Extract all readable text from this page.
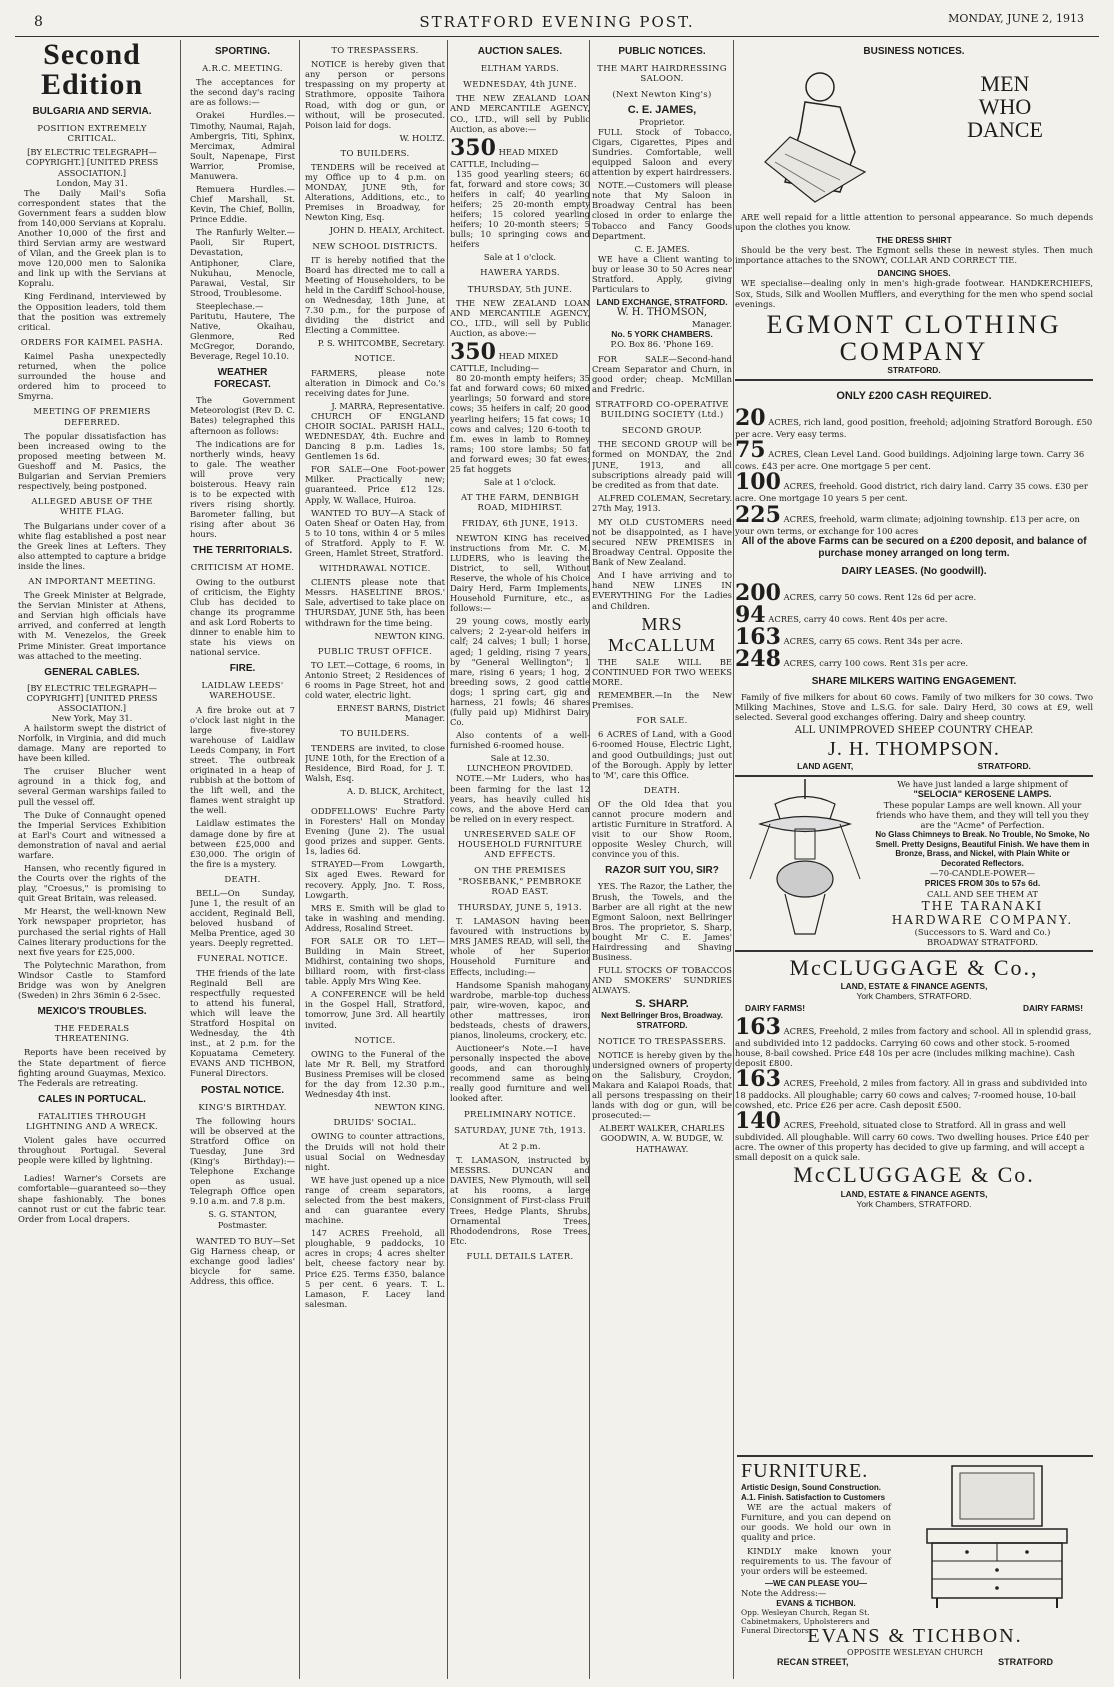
8	STRATFORD EVENING POST.	MONDAY, JUNE 2, 1913
Second Edition
BULGARIA AND SERVIA.
POSITION EXTREMELY CRITICAL.
[BY ELECTRIC TELEGRAPH—COPYRIGHT.] [UNITED PRESS ASSOCIATION.]
London, May 31.

The Daily Mail's Sofia correspondent states that the Government fears a sudden blow from 140,000 Servians at Kopralu. Another 10,000 of the first and third Servian army are westward of Vilan, and the Greek plan is to move 120,000 men to Salonika and link up with the Servians at Kopralu.

King Ferdinand, interviewed by the Opposition leaders, told them that the position was extremely critical.

ORDERS FOR KAIMEL PASHA.

Kaimel Pasha unexpectedly returned, when the police surrounded the house and ordered him to proceed to Smyrna.

MEETING OF PREMIERS DEFERRED.

The popular dissatisfaction has been increased owing to the proposed meeting between M. Gueshoff and M. Pasics, the Bulgarian and Servian Premiers respectively, being postponed.

ALLEGED ABUSE OF THE WHITE FLAG.

The Bulgarians under cover of a white flag established a post near the Greek lines at Lefters. They also attempted to capture a bridge inside the lines.

AN IMPORTANT MEETING.

The Greek Minister at Belgrade, the Servian Minister at Athens, and Servian high officials have arrived, and conferred at length with M. Venezelos, the Greek Prime Minister. Great importance was attached to the meeting.

GENERAL CABLES.
[BY ELECTRIC TELEGRAPH—COPYRIGHT] [UNITED PRESS ASSOCIATION.]
New York, May 31.

A hailstorm swept the district of Norfolk, in Virginia, and did much damage. Many are reported to have been killed.

The cruiser Blucher went aground in a thick fog, and several German warships failed to pull the vessel off.

The Duke of Connaught opened the Imperial Services Exhibition at Earl's Court and witnessed a demonstration of naval and aerial warfare.

Hansen, who recently figured in the Courts over the rights of the play, "Croesus," is promising to quit Great Britain, was released.

Mr Hearst, the well-known New York newspaper proprietor, has purchased the serial rights of Hall Caines literary productions for the next five years for £25,000.

The Polytechnic Marathon, from Windsor Castle to Stamford Bridge was won by Anelgren (Sweden) in 2hrs 36min 6 2-5sec.

MEXICO'S TROUBLES.
THE FEDERALS THREATENING.

Reports have been received by the State department of fierce fighting around Guaymas, Mexico. The Federals are retreating.

CALES IN PORTUCAL.
FATALITIES THROUGH LIGHTNING AND A WRECK.

Violent gales have occurred throughout Portugal. Several people were killed by lightning.

Ladies! Warner's Corsets are comfortable—guaranteed so—they shape fashionably. The bones cannot rust or cut the fabric tear. Order from Local drapers.

SPORTING.
A.R.C. MEETING.

The acceptances for the second day's racing are as follows:—

Orakei Hurdles.—Timothy, Naumai, Rajah, Ambergris, Titi, Sphinx, Mercimax, Admiral Soult, Napenape, First Warrior, Promise, Manuwera.

Remuera Hurdles.—Chief Marshall, St. Kevin, The Chief, Bollin, Prince Eddie.

The Ranfurly Welter.—Paoli, Sir Rupert, Devastation, Antiphoner, Clare, Nukuhau, Menocle, Parawai, Vestal, Sir Strood, Troublesome.

Steeplechase.—Paritutu, Hautere, The Native, Okaihau, Glenmore, Red McGregor, Dorando, Beverage, Regel 10.10.

WEATHER FORECAST.

The Government Meteorologist (Rev D. C. Bates) telegraphed this afternoon as follows:

The indications are for northerly winds, heavy to gale. The weather will prove very boisterous. Heavy rain is to be expected with rivers rising shortly. Barometer falling, but rising after about 36 hours.

THE TERRITORIALS.
CRITICISM AT HOME.

Owing to the outburst of criticism, the Eighty Club has decided to change its programme and ask Lord Roberts to dinner to enable him to state his views on national service.

FIRE.
LAIDLAW LEEDS' WAREHOUSE.

A fire broke out at 7 o'clock last night in the large five-storey warehouse of Laidlaw Leeds Company, in Fort street. The outbreak originated in a heap of rubbish at the bottom of the lift well, and the flames went straight up the well.

Laidlaw estimates the damage done by fire at between £25,000 and £30,000. The origin of the fire is a mystery.

DEATH.

BELL—On Sunday, June 1, the result of an accident, Reginald Bell, beloved husband of Melba Prentice, aged 30 years. Deeply regretted.

FUNERAL NOTICE.

THE friends of the late Reginald Bell are respectfully requested to attend his funeral, which will leave the Stratford Hospital on Wednesday, the 4th inst., at 2 p.m. for the Kopuatama Cemetery. EVANS AND TICHBON, Funeral Directors.

POSTAL NOTICE.
KING'S BIRTHDAY.

The following hours will be observed at the Stratford Office on Tuesday, June 3rd (King's Birthday):—Telephone Exchange open as usual. Telegraph Office open 9.10 a.m. and 7.8 p.m.

S. G. STANTON, Postmaster.

WANTED TO BUY—Set Gig Harness cheap, or exchange good ladies' bicycle for same. Address, this office.

TO TRESPASSERS.

NOTICE is hereby given that any person or persons trespassing on my property at Strathmore, opposite Taihora Road, with dog or gun, or without, will be prosecuted. Poison laid for dogs.

W. HOLTZ.
TO BUILDERS.

TENDERS will be received at my Office up to 4 p.m. on MONDAY, JUNE 9th, for Alterations, Additions, etc., to Premises in Broadway, for Newton King, Esq.

JOHN D. HEALY, Architect.
NEW SCHOOL DISTRICTS.

IT is hereby notified that the Board has directed me to call a Meeting of Householders, to be held in the Cardiff School-house, on Wednesday, 18th June, at 7.30 p.m., for the purpose of dividing the district and Electing a Committee.

P. S. WHITCOMBE, Secretary.
NOTICE.

FARMERS, please note alteration in Dimock and Co.'s receiving dates for June.

J. MARRA, Representative.

CHURCH OF ENGLAND CHOIR SOCIAL. PARISH HALL, WEDNESDAY, 4th. Euchre and Dancing 8 p.m. Ladies 1s, Gentlemen 1s 6d.

FOR SALE—One Foot-power Milker. Practically new; guaranteed. Price £12 12s. Apply, W. Wallace, Huiroa.

WANTED TO BUY—A Stack of Oaten Sheaf or Oaten Hay, from 5 to 10 tons, within 4 or 5 miles of Stratford. Apply to F. W. Green, Hamlet Street, Stratford.

WITHDRAWAL NOTICE.

CLIENTS please note that Messrs. HASELTINE BROS.' Sale, advertised to take place on THURSDAY, JUNE 5th, has been withdrawn for the time being.

NEWTON KING.
PUBLIC TRUST OFFICE.

TO LET.—Cottage, 6 rooms, in Antonio Street; 2 Residences of 6 rooms in Page Street, hot and cold water, electric light.

ERNEST BARNS, District Manager.
TO BUILDERS.

TENDERS are invited, to close JUNE 10th, for the Erection of a Residence, Bird Road, for J. T. Walsh, Esq.

A. D. BLICK, Architect, Stratford.

ODDFELLOWS' Euchre Party in Foresters' Hall on Monday Evening (June 2). The usual good prizes and supper. Gents. 1s, ladies 6d.

STRAYED—From Lowgarth, Six aged Ewes. Reward for recovery. Apply, Jno. T. Ross, Lowgarth.

MRS E. Smith will be glad to take in washing and mending. Address, Rosalind Street.

FOR SALE OR TO LET—Building in Main Street, Midhirst, containing two shops, billiard room, with first-class table. Apply Mrs Wing Kee.

A CONFERENCE will be held in the Gospel Hall, Stratford, tomorrow, June 3rd. All heartily invited.

NOTICE.

OWING to the Funeral of the late Mr R. Bell, my Stratford Business Premises will be closed for the day from 12.30 p.m., Wednesday 4th inst.

NEWTON KING.
DRUIDS' SOCIAL.

OWING to counter attractions, the Druids will not hold their usual Social on Wednesday night.

WE have just opened up a nice range of cream separators, selected from the best makers, and can guarantee every machine.

147 ACRES Freehold, all ploughable, 9 paddocks, 10 acres in crops; 4 acres shelter belt, cheese factory near by. Price £25. Terms £350, balance 5 per cent. 6 years. T. L. Lamason, F. Lacey land salesman.

AUCTION SALES.
ELTHAM YARDS.
WEDNESDAY, 4th JUNE.

THE NEW ZEALAND LOAN AND MERCANTILE AGENCY, CO., LTD., will sell by Public Auction, as above:—

350 HEAD MIXED CATTLE, Including—

135 good yearling steers; 60 fat, forward and store cows; 30 heifers in calf; 40 yearling heifers; 25 20-month empty heifers; 15 colored yearling heifers; 10 20-month steers; 5 bulls; 10 springing cows and heifers

Sale at 1 o'clock.
HAWERA YARDS.
THURSDAY, 5th JUNE.

THE NEW ZEALAND LOAN AND MERCANTILE AGENCY, CO., LTD., will sell by Public Auction, as above:—

350 HEAD MIXED CATTLE, Including—

80 20-month empty heifers; 35 fat and forward cows; 60 mixed yearlings; 50 forward and store cows; 35 heifers in calf; 20 good yearling heifers; 15 fat cows; 10 cows and calves; 120 6-tooth to f.m. ewes in lamb to Romney rams; 100 store lambs; 50 fat and forward ewes; 30 fat ewes; 25 fat hoggets

Sale at 1 o'clock.
AT THE FARM, DENBIGH ROAD, MIDHIRST.
FRIDAY, 6th JUNE, 1913.

NEWTON KING has received instructions from Mr. C. M. LUDERS, who is leaving the District, to sell, Without Reserve, the whole of his Choice Dairy Herd, Farm Implements, Household Furniture, etc., as follows:—

29 young cows, mostly early calvers; 2 2-year-old heifers in calf; 24 calves; 1 bull; 1 horse, aged; 1 gelding, rising 7 years, by "General Wellington"; 1 mare, rising 6 years; 1 hog, 2 breeding sows, 2 good cattle dogs; 1 spring cart, gig and harness, 21 fowls; 46 shares (fully paid up) Midhirst Dairy Co.

Also contents of a well-furnished 6-roomed house.

Sale at 12.30.
LUNCHEON PROVIDED.

NOTE.—Mr Luders, who has been farming for the last 12 years, has heavily culled his cows, and the above Herd can be relied on in every respect.

UNRESERVED SALE OF HOUSEHOLD FURNITURE AND EFFECTS.
ON THE PREMISES "ROSEBANK," PEMBROKE ROAD EAST.
THURSDAY, JUNE 5, 1913.

T. LAMASON having been favoured with instructions by MRS JAMES READ, will sell, the whole of her Superior Household Furniture and Effects, including:—

Handsome Spanish mahogany wardrobe, marble-top duchess pair, wire-woven, kapoc, and other mattresses, iron bedsteads, chests of drawers, pianos, linoleums, crockery, etc.

Auctioneer's Note.—I have personally inspected the above goods, and can thoroughly recommend same as being really good furniture and well looked after.

PRELIMINARY NOTICE.
SATURDAY, JUNE 7th, 1913.
At 2 p.m.

T. LAMASON, instructed by MESSRS. DUNCAN and DAVIES, New Plymouth, will sell at his rooms, a large Consignment of First-class Fruit Trees, Hedge Plants, Shrubs, Ornamental Trees, Rhododendrons, Rose Trees, Etc.

FULL DETAILS LATER.
PUBLIC NOTICES.
THE MART HAIRDRESSING SALOON.
(Next Newton King's)
C. E. JAMES,
Proprietor.

FULL Stock of Tobacco, Cigars, Cigarettes, Pipes and Sundries. Comfortable, well equipped Saloon and every attention by expert hairdressers.

NOTE.—Customers will please note that My Saloon in Broadway Central has been closed in order to enlarge the Tobacco and Fancy Goods Department.

C. E. JAMES.

WE have a Client wanting to buy or lease 30 to 50 Acres near Stratford. Apply, giving Particulars to

LAND EXCHANGE, STRATFORD.
W. H. THOMSON,
Manager.
No. 5 YORK CHAMBERS.
P.O. Box 86. 'Phone 169.

FOR SALE—Second-hand Cream Separator and Churn, in good order; cheap. McMillan and Fredric.

STRATFORD CO-OPERATIVE BUILDING SOCIETY (Ltd.)
SECOND GROUP.

THE SECOND GROUP will be formed on MONDAY, the 2nd JUNE, 1913, and all subscriptions already paid will be credited as from that date.

ALFRED COLEMAN, Secretary.
27th May, 1913.

MY OLD CUSTOMERS need not be disappointed, as I have secured NEW PREMISES in Broadway Central. Opposite the Bank of New Zealand.

And I have arriving and to hand NEW LINES IN EVERYTHING For the Ladies and Children.

MRS McCALLUM

THE SALE WILL BE CONTINUED FOR TWO WEEKS MORE.

REMEMBER.—In the New Premises.

FOR SALE.

6 ACRES of Land, with a Good 6-roomed House, Electric Light, and good Outbuildings; just out of the Borough. Apply by letter to 'M', care this Office.

DEATH.

OF the Old Idea that you cannot procure modern and artistic Furniture in Stratford. A visit to our Show Room, opposite Wesley Church, will convince you of this.

RAZOR SUIT YOU, SIR?

YES. The Razor, the Lather, the Brush, the Towels, and the Barber are all right at the new Egmont Saloon, next Bellringer Bros. The proprietor, S. Sharp, bought Mr C. E. James' Hairdressing and Shaving Business.

FULL STOCKS OF TOBACCOS AND SMOKERS' SUNDRIES ALWAYS.

S. SHARP.
Next Bellringer Bros, Broadway. STRATFORD.
NOTICE TO TRESPASSERS.

NOTICE is hereby given by the undersigned owners of property on the Salisbury, Croydon, Makara and Kaiapoi Roads, that all persons trespassing on their lands with dog or gun, will be prosecuted:—

ALBERT WALKER, CHARLES GOODWIN, A. W. BUDGE, W. HATHAWAY.
BUSINESS NOTICES.
MEN
WHO
DANCE

ARE well repaid for a little attention to personal appearance. So much depends upon the clothes you know.

THE DRESS SHIRT

Should be the very best. The Egmont sells these in newest styles. Then much importance attaches to the SNOWY, COLLAR AND CORRECT TIE.

DANCING SHOES.

WE specialise—dealing only in men's high-grade footwear. HANDKERCHIEFS, Sox, Studs, Silk and Woollen Mufflers, and everything for the men who spend social evenings.

EGMONT CLOTHING
COMPANY
STRATFORD.
ONLY £200 CASH REQUIRED.
20 ACRES, rich land, good position, freehold; adjoining Stratford Borough. £50 per acre. Very easy terms.
75 ACRES, Clean Level Land. Good buildings. Adjoining large town. Carry 36 cows. £43 per acre. One mortgage 5 per cent.
100 ACRES, freehold. Good district, rich dairy land. Carry 35 cows. £30 per acre. One mortgage 10 years 5 per cent.
225 ACRES, freehold, warm climate; adjoining township. £13 per acre, on your own terms, or exchange for 100 acres
All of the above Farms can be secured on a £200 deposit, and balance of purchase money arranged on long term.
DAIRY LEASES. (No goodwill).
200 ACRES, carry 50 cows. Rent 12s 6d per acre.
94 ACRES, carry 40 cows. Rent 40s per acre.
163 ACRES, carry 65 cows. Rent 34s per acre.
248 ACRES, carry 100 cows. Rent 31s per acre.
SHARE MILKERS WAITING ENGAGEMENT.

Family of five milkers for about 60 cows. Family of two milkers for 30 cows. Two Milking Machines, Stove and L.S.G. for sale. Dairy Herd, 30 cows at £9, well selected. Several good exchanges offering. Dairy and sheep country.

ALL UNIMPROVED SHEEP COUNTRY CHEAP.
J. H. THOMPSON.
LAND AGENT,	STRATFORD.
We have just landed a large shipment of
"SELOCIA" KEROSENE LAMPS.
These popular Lamps are well known. All your friends who have them, and they will tell you they are the "Acme" of Perfection.
No Glass Chimneys to Break. No Trouble, No Smoke, No Smell. Pretty Designs, Beautiful Finish. We have them in Bronze, Brass, and Nickel, with Plain White or Decorated Reflectors.
—70-CANDLE-POWER—
PRICES FROM 30s to 57s 6d.
CALL AND SEE THEM AT
THE TARANAKI HARDWARE COMPANY.
(Successors to S. Ward and Co.)
BROADWAY STRATFORD.
McCLUGGAGE & Co.,
LAND, ESTATE & FINANCE AGENTS,
York Chambers, STRATFORD.
DAIRY FARMS!	DAIRY FARMS!
163 ACRES, Freehold, 2 miles from factory and school. All in splendid grass, and subdivided into 12 paddocks. Carrying 60 cows and other stock. 5-roomed house, 8-bail cowshed. Price £48 10s per acre (includes milking machine). Cash deposit £800.
163 ACRES, Freehold, 2 miles from factory. All in grass and subdivided into 18 paddocks. All ploughable; carry 60 cows and calves; 7-roomed house, 10-bail cowshed, etc. Price £26 per acre. Cash deposit £500.
140 ACRES, Freehold, situated close to Stratford. All in grass and well subdivided. All ploughable. Will carry 60 cows. Two dwelling houses. Price £40 per acre. The owner of this property has decided to give up farming, and will accept a small deposit on a quick sale.
McCLUGGAGE & Co.
LAND, ESTATE & FINANCE AGENTS,
York Chambers, STRATFORD.
FURNITURE.
Artistic Design, Sound Construction. A.1. Finish. Satisfaction to Customers

WE are the actual makers of Furniture, and you can depend on our goods. We hold our own in quality and price.

KINDLY make known your requirements to us. The favour of your orders will be esteemed.

—WE CAN PLEASE YOU—
Note the Address:—
EVANS & TICHBON.
Opp. Wesleyan Church, Regan St. Cabinetmakers, Upholsterers and Funeral Directors.
EVANS & TICHBON.
OPPOSITE WESLEYAN CHURCH
RECAN STREET,	STRATFORD
